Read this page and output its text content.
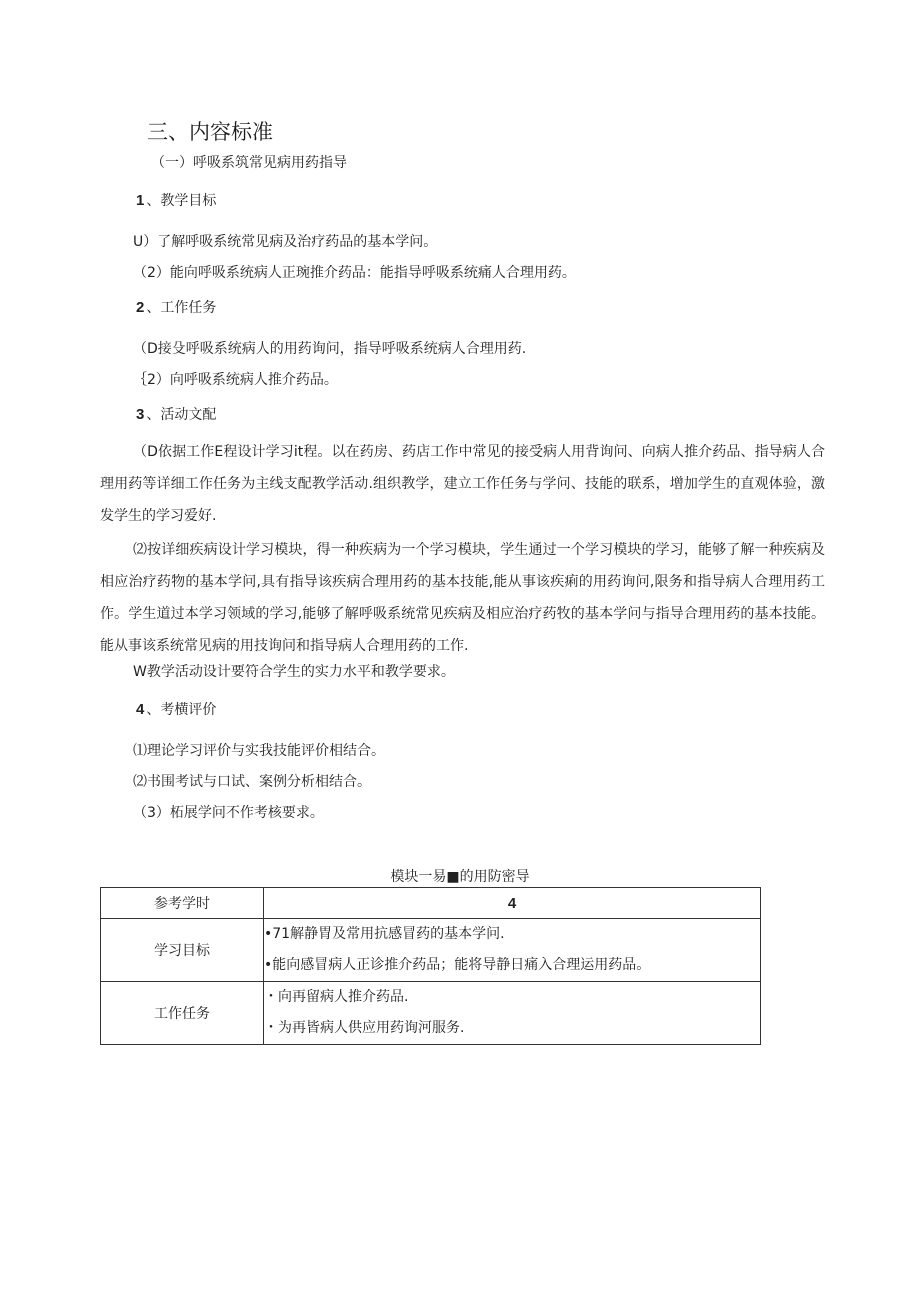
三、内容标准
（一）呼吸系筑常见病用药指导
1 、教学目标
U）了解呼吸系统常见病及治疗药品的基本学问。
（2）能向呼吸系统病人正琬推介药品：能指导呼吸系统痛人合理用药。
2 、工作任务
（D接殳呼吸系统病人的用药询问，指导呼吸系统病人合理用药.
｛2）向呼吸系统病人推介药品。
3 、活动文配

（D依据工作E程设计学习it程。以在药房、药店工作中常见的接受病人用背询问、向病人推介药品、指导病人合理用药等详细工作任务为主线支配教学活动.组织教学，建立工作任务与学问、技能的联系，增加学生的直观体验，激发学生的学习爱好.

⑵按详细疾病设计学习模块，得一种疾病为一个学习模块，学生通过一个学习模块的学习，能够了解一种疾病及相应治疗药物的基本学问,具有指导该疾病合理用药的基本技能,能从事该疾痢的用药询问,限务和指导病人合理用药工作。学生道过本学习领域的学习,能够了解呼吸系统常见疾病及相应治疗药牧的基本学问与指导合理用药的基本技能。能从事该系统常见病的用技询问和指导病人合理用药的工作.

W教学活动设计要符合学生的实力水平和教学要求。

4 、考横评价
⑴理论学习评价与实我技能评价相结合。
⑵书围考试与口试、案例分析相结合。
（3）柘展学问不作考核要求。
模块一易■的用防密导
参考学时	4
学习目标	•71解静胃及常用抗感冒药的基本学问.
•能向感冒病人正诊推介药品；能将导静日痛入合理运用药品。

工作任务	・向再留病人推介药品.
・为再皆病人供应用药询河服务.
